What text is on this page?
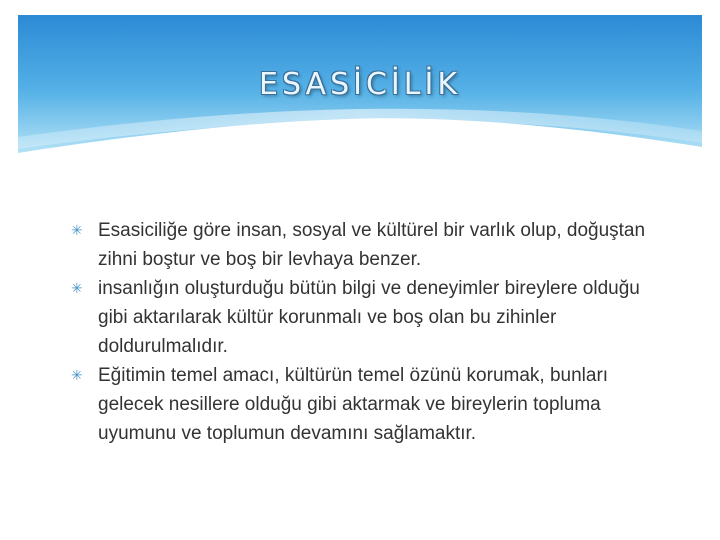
ESASİCİLİK
✳ Esasiciliğe göre insan, sosyal ve kültürel bir varlık olup, doğuştan zihni boştur ve boş bir levhaya benzer.
✳ insanlığın oluşturduğu bütün bilgi ve deneyimler bireylere olduğu gibi aktarılarak kültür korunmalı ve boş olan bu zihinler doldurulmalıdır.
✳ Eğitimin temel amacı, kültürün temel özünü korumak, bunları gelecek nesillere olduğu gibi aktarmak ve bireylerin topluma uyumunu ve toplumun devamını sağlamaktır.
